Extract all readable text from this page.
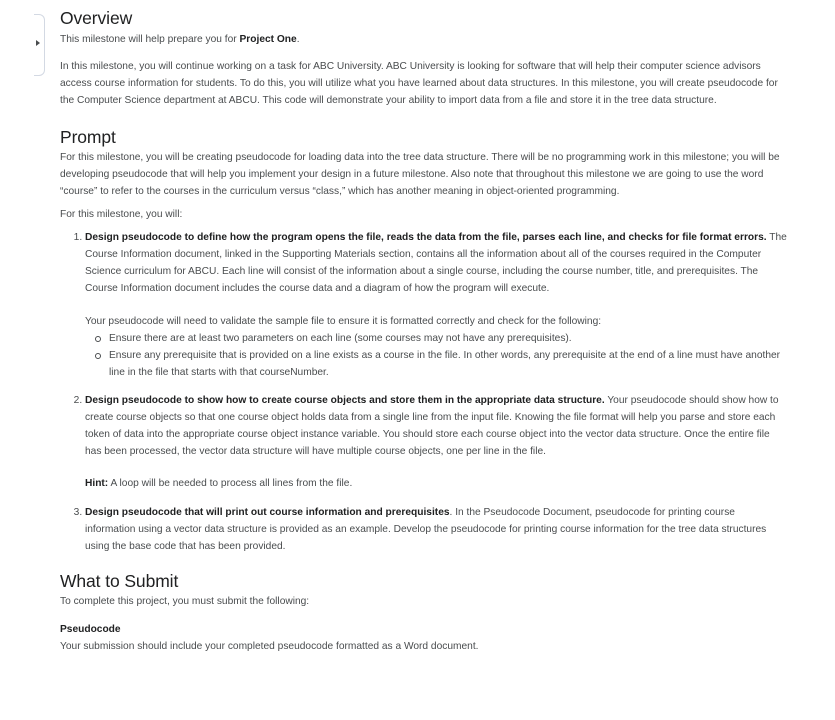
Overview

This milestone will help prepare you for Project One.

In this milestone, you will continue working on a task for ABC University. ABC University is looking for software that will help their computer science advisors access course information for students. To do this, you will utilize what you have learned about data structures. In this milestone, you will create pseudocode for the Computer Science department at ABCU. This code will demonstrate your ability to import data from a file and store it in the tree data structure.

Prompt

For this milestone, you will be creating pseudocode for loading data into the tree data structure. There will be no programming work in this milestone; you will be developing pseudocode that will help you implement your design in a future milestone. Also note that throughout this milestone we are going to use the word “course” to refer to the courses in the curriculum versus “class,” which has another meaning in object-oriented programming.

For this milestone, you will:

1. Design pseudocode to define how the program opens the file, reads the data from the file, parses each line, and checks for file format errors. The Course Information document, linked in the Supporting Materials section, contains all the information about all of the courses required in the Computer Science curriculum for ABCU. Each line will consist of the information about a single course, including the course number, title, and prerequisites. The Course Information document includes the course data and a diagram of how the program will execute.

Your pseudocode will need to validate the sample file to ensure it is formatted correctly and check for the following:

Ensure there are at least two parameters on each line (some courses may not have any prerequisites).
Ensure any prerequisite that is provided on a line exists as a course in the file. In other words, any prerequisite at the end of a line must have another line in the file that starts with that courseNumber.
2. Design pseudocode to show how to create course objects and store them in the appropriate data structure. Your pseudocode should show how to create course objects so that one course object holds data from a single line from the input file. Knowing the file format will help you parse and store each token of data into the appropriate course object instance variable. You should store each course object into the vector data structure. Once the entire file has been processed, the vector data structure will have multiple course objects, one per line in the file.

Hint: A loop will be needed to process all lines from the file.

3. Design pseudocode that will print out course information and prerequisites. In the Pseudocode Document, pseudocode for printing course information using a vector data structure is provided as an example. Develop the pseudocode for printing course information for the tree data structures using the base code that has been provided.
What to Submit

To complete this project, you must submit the following:

Pseudocode

Your submission should include your completed pseudocode formatted as a Word document.
